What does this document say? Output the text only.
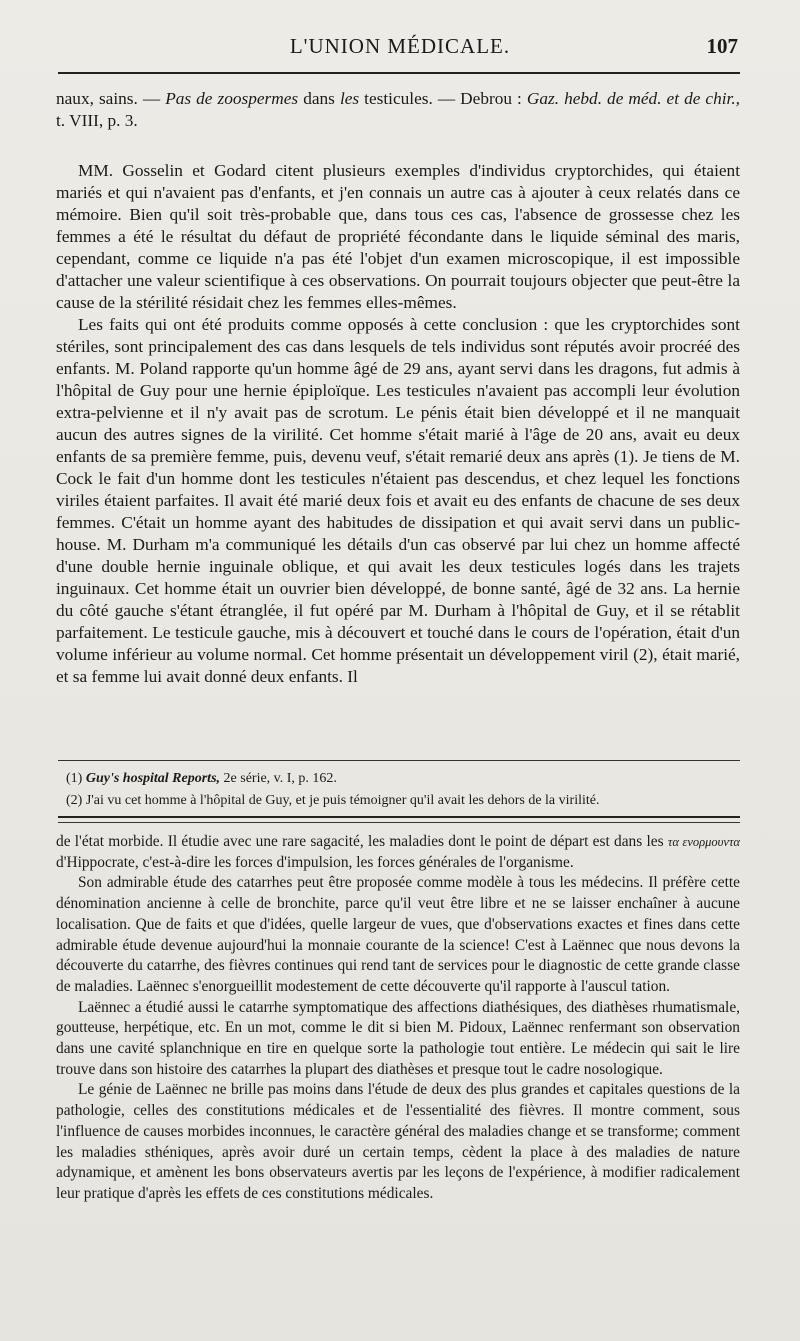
L'UNION MÉDICALE.	107

naux, sains. — Pas de zoospermes dans les testicules. — Debrou : Gaz. hebd. de méd. et de chir., t. VIII, p. 3.

MM. Gosselin et Godard citent plusieurs exemples d'individus cryptorchides, qui étaient mariés et qui n'avaient pas d'enfants, et j'en connais un autre cas à ajouter à ceux relatés dans ce mémoire. Bien qu'il soit très-probable que, dans tous ces cas, l'absence de grossesse chez les femmes a été le résultat du défaut de propriété fécondante dans le liquide séminal des maris, cependant, comme ce liquide n'a pas été l'objet d'un examen microscopique, il est impossible d'attacher une valeur scientifique à ces observations. On pourrait toujours objecter que peut-être la cause de la stérilité résidait chez les femmes elles-mêmes.

Les faits qui ont été produits comme opposés à cette conclusion : que les cryptorchides sont stériles, sont principalement des cas dans lesquels de tels individus sont réputés avoir procréé des enfants. M. Poland rapporte qu'un homme âgé de 29 ans, ayant servi dans les dragons, fut admis à l'hôpital de Guy pour une hernie épiploïque. Les testicules n'avaient pas accompli leur évolution extra-pelvienne et il n'y avait pas de scrotum. Le pénis était bien développé et il ne manquait aucun des autres signes de la virilité. Cet homme s'était marié à l'âge de 20 ans, avait eu deux enfants de sa première femme, puis, devenu veuf, s'était remarié deux ans après (1). Je tiens de M. Cock le fait d'un homme dont les testicules n'étaient pas descendus, et chez lequel les fonctions viriles étaient parfaites. Il avait été marié deux fois et avait eu des enfants de chacune de ses deux femmes. C'était un homme ayant des habitudes de dissipation et qui avait servi dans un public-house. M. Durham m'a communiqué les détails d'un cas observé par lui chez un homme affecté d'une double hernie inguinale oblique, et qui avait les deux testicules logés dans les trajets inguinaux. Cet homme était un ouvrier bien développé, de bonne santé, âgé de 32 ans. La hernie du côté gauche s'étant étranglée, il fut opéré par M. Durham à l'hôpital de Guy, et il se rétablit parfaitement. Le testicule gauche, mis à découvert et touché dans le cours de l'opération, était d'un volume inférieur au volume normal. Cet homme présentait un développement viril (2), était marié, et sa femme lui avait donné deux enfants. Il

(1) Guy's hospital Reports, 2e série, v. I, p. 162.

(2) J'ai vu cet homme à l'hôpital de Guy, et je puis témoigner qu'il avait les dehors de la virilité.

de l'état morbide. Il étudie avec une rare sagacité, les maladies dont le point de départ est dans les τα ενορμουντα d'Hippocrate, c'est-à-dire les forces d'impulsion, les forces générales de l'organisme.

Son admirable étude des catarrhes peut être proposée comme modèle à tous les médecins. Il préfère cette dénomination ancienne à celle de bronchite, parce qu'il veut être libre et ne se laisser enchaîner à aucune localisation. Que de faits et que d'idées, quelle largeur de vues, que d'observations exactes et fines dans cette admirable étude devenue aujourd'hui la monnaie courante de la science! C'est à Laënnec que nous devons la découverte du catarrhe, des fièvres continues qui rend tant de services pour le diagnostic de cette grande classe de maladies. Laënnec s'enorgueillit modestement de cette découverte qu'il rapporte à l'auscul tation.

Laënnec a étudié aussi le catarrhe symptomatique des affections diathésiques, des diathèses rhumatismale, goutteuse, herpétique, etc. En un mot, comme le dit si bien M. Pidoux, Laënnec renfermant son observation dans une cavité splanchnique en tire en quelque sorte la pathologie tout entière. Le médecin qui sait le lire trouve dans son histoire des catarrhes la plupart des diathèses et presque tout le cadre nosologique.

Le génie de Laënnec ne brille pas moins dans l'étude de deux des plus grandes et capitales questions de la pathologie, celles des constitutions médicales et de l'essentialité des fièvres. Il montre comment, sous l'influence de causes morbides inconnues, le caractère général des maladies change et se transforme; comment les maladies sthéniques, après avoir duré un certain temps, cèdent la place à des maladies de nature adynamique, et amènent les bons observateurs avertis par les leçons de l'expérience, à modifier radicalement leur pratique d'après les effets de ces constitutions médicales.
